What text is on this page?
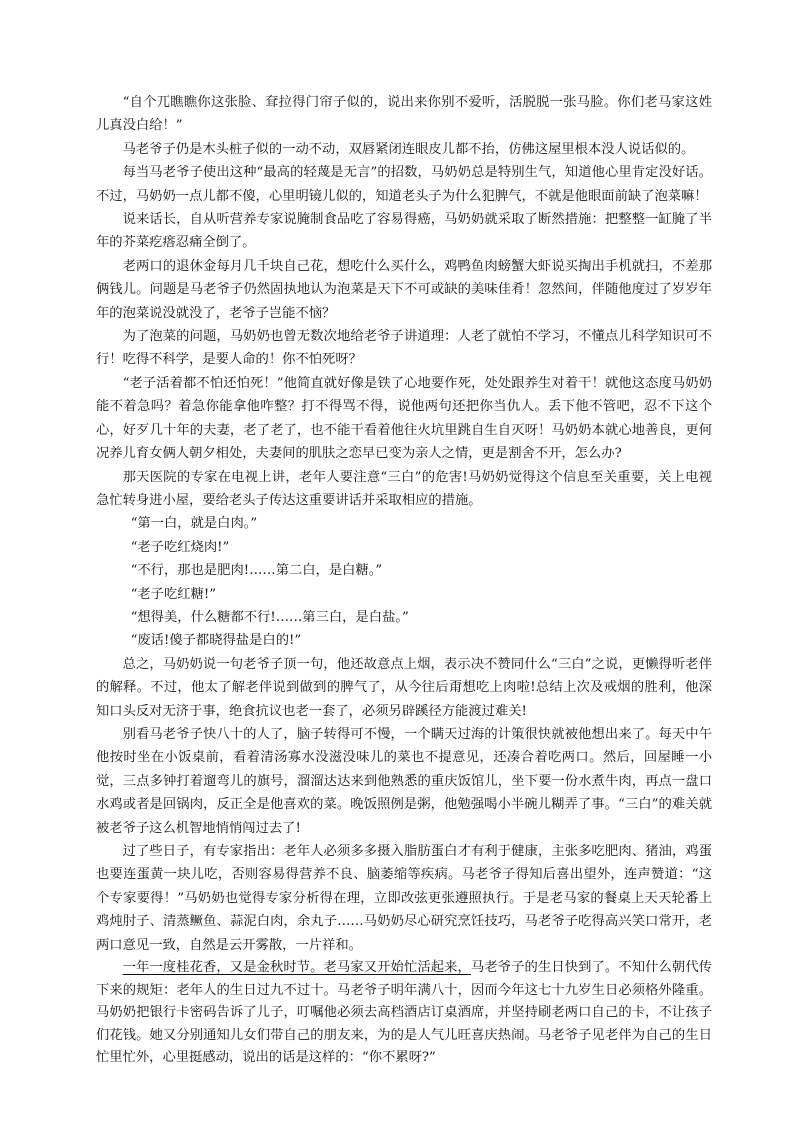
“自个兀瞧瞧你这张脸、耷拉得门帘子似的，说出来你别不爱听，活脱脱一张马脸。你们老马家这姓儿真没白给！”

马老爷子仍是木头桩子似的一动不动，双唇紧闭连眼皮儿都不抬，仿佛这屋里根本没人说话似的。

每当马老爷子使出这种“最高的轻蔑是无言”的招数，马奶奶总是特别生气，知道他心里肯定没好话。不过，马奶奶一点儿都不傻，心里明镜儿似的，知道老头子为什么犯脾气，不就是他眼面前缺了泡菜嘛！

说来话长，自从听营养专家说腌制食品吃了容易得癌，马奶奶就采取了断然措施：把整整一缸腌了半年的芥菜疙瘩忍痛全倒了。

老两口的退休金每月几千块自己花，想吃什么买什么，鸡鸭鱼肉螃蟹大虾说买掏出手机就扫，不差那俩钱儿。问题是马老爷子仍然固执地认为泡菜是天下不可或缺的美味佳肴！忽然间，伴随他度过了岁岁年年的泡菜说没就没了，老爷子岂能不恼？

为了泡菜的问题，马奶奶也曾无数次地给老爷子讲道理：人老了就怕不学习，不懂点儿科学知识可不行！吃得不科学，是要人命的！你不怕死呀？

“老子活着都不怕还怕死！”他简直就好像是铁了心地要作死，处处跟养生对着干！就他这态度马奶奶能不着急吗？着急你能拿他咋整？打不得骂不得，说他两句还把你当仇人。丢下他不管吧，忍不下这个心，好歹几十年的夫妻，老了老了，也不能干看着他往火坑里跳自生自灭呀！马奶奶本就心地善良，更何况养儿育女俩人朝夕相处，夫妻间的肌肤之恋早已变为亲人之情，更是割舍不开，怎么办?

那天医院的专家在电视上讲，老年人要注意“三白”的危害!马奶奶觉得这个信息至关重要，关上电视急忙转身进小屋，要给老头子传达这重要讲话并采取相应的措施。

“第一白，就是白肉。”

“老子吃红烧肉!”

“不行，那也是肥肉!……第二白，是白糖。”

“老子吃红糖!”

“想得美，什么糖都不行!……第三白，是白盐。”

“废话!傻子都晓得盐是白的!”

总之，马奶奶说一句老爷子顶一句，他还故意点上烟，表示决不赞同什么“三白”之说，更懒得听老伴的解释。不过，他太了解老伴说到做到的脾气了，从今往后甭想吃上肉啦!总结上次及戒烟的胜利，他深知口头反对无济于事，绝食抗议也老一套了，必须另辟蹊径方能渡过难关!

别看马老爷子快八十的人了，脑子转得可不慢，一个瞒天过海的计策很快就被他想出来了。每天中午他按时坐在小饭桌前，看着清汤寡水没滋没味儿的菜也不提意见，还凑合着吃两口。然后，回屋睡一小觉，三点多钟打着遛弯儿的旗号，溜溜达达来到他熟悉的重庆饭馆儿，坐下要一份水煮牛肉，再点一盘口水鸡或者是回锅肉，反正全是他喜欢的菜。晚饭照例是粥，他勉强喝小半碗儿糊弄了事。“三白”的难关就被老爷子这么机智地悄悄闯过去了!

过了些日子，有专家指出：老年人必须多多摄入脂肪蛋白才有利于健康，主张多吃肥肉、猪油，鸡蛋也要连蛋黄一块儿吃，否则容易得营养不良、脑萎缩等疾病。马老爷子得知后喜出望外，连声赞道：“这个专家要得！”马奶奶也觉得专家分析得在理，立即改弦更张遵照执行。于是老马家的餐桌上天天轮番上鸡炖肘子、清蒸鳜鱼、蒜泥白肉，余丸子……马奶奶尽心研究烹饪技巧，马老爷子吃得高兴笑口常开，老两口意见一致，自然是云开雾散，一片祥和。

一年一度桂花香，又是金秋时节。老马家又开始忙活起来，马老爷子的生日快到了。不知什么朝代传下来的规矩：老年人的生日过九不过十。马老爷子明年满八十，因而今年这七十九岁生日必须格外隆重。马奶奶把银行卡密码告诉了儿子，叮嘱他必须去高档酒店订桌酒席，并坚持刷老两口自己的卡，不让孩子们花钱。她又分别通知儿女们带自己的朋友来，为的是人气儿旺喜庆热闹。马老爷子见老伴为自己的生日忙里忙外，心里挺感动，说出的话是这样的：“你不累呀?”
